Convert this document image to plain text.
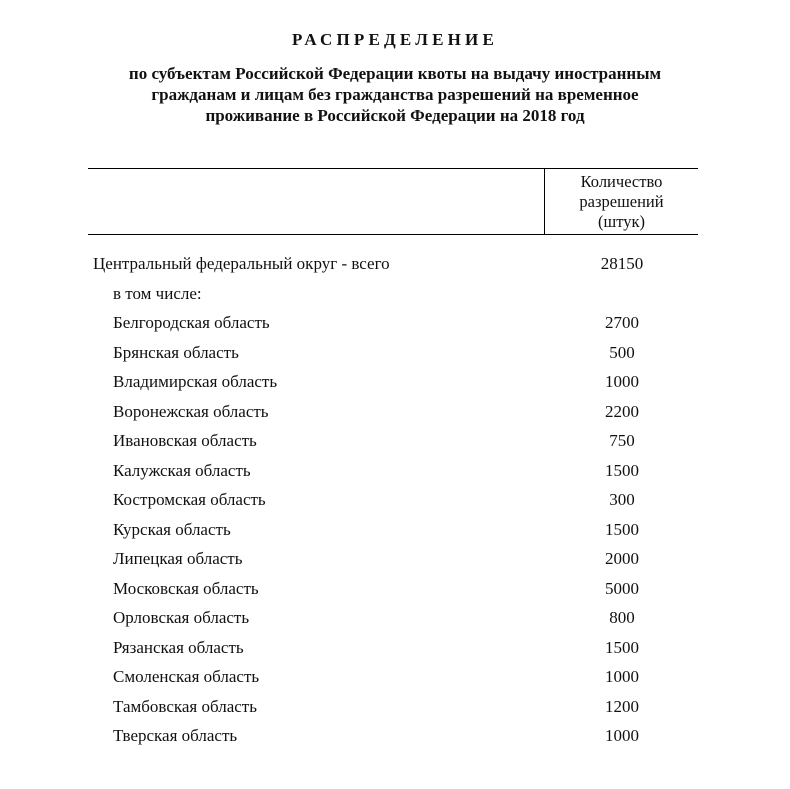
РАСПРЕДЕЛЕНИЕ
по субъектам Российской Федерации квоты на выдачу иностранным
гражданам и лицам без гражданства разрешений на временное
проживание в Российской Федерации на 2018 год
Количество
разрешений
(штук)
Центральный федеральный округ - всего	28150
в том числе:
Белгородская область	2700
Брянская область	500
Владимирская область	1000
Воронежская область	2200
Ивановская область	750
Калужская область	1500
Костромская область	300
Курская область	1500
Липецкая область	2000
Московская область	5000
Орловская область	800
Рязанская область	1500
Смоленская область	1000
Тамбовская область	1200
Тверская область	1000
